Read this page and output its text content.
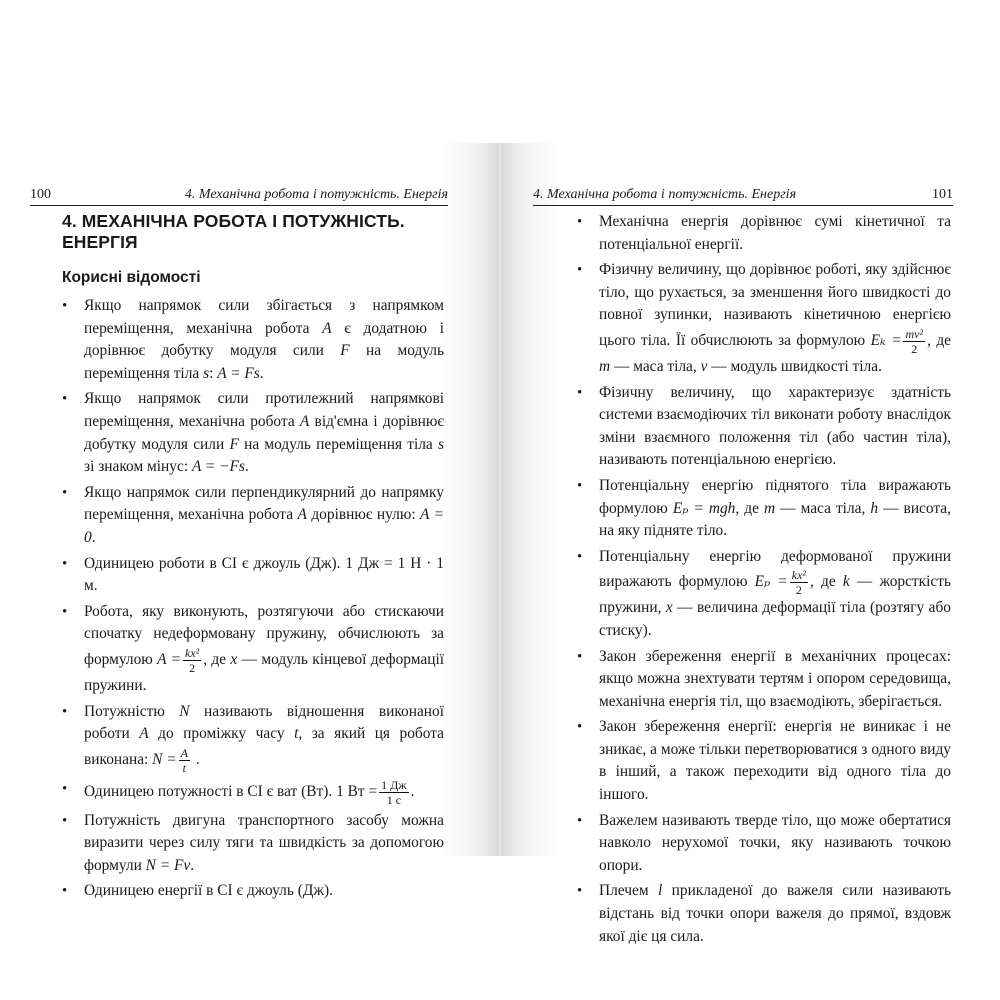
100	4. Механічна робота і потужність. Енергія
4. МЕХАНІЧНА РОБОТА І ПОТУЖНІСТЬ. ЕНЕРГІЯ
Корисні відомості
• Якщо напрямок сили збігається з напрямком переміщення, механічна робота A є додатною і дорівнює добутку модуля сили F на модуль переміщення тіла s: A = Fs.
• Якщо напрямок сили протилежний напрямкові переміщення, механічна робота A від'ємна і дорівнює добутку модуля сили F на модуль переміщення тіла s зі знаком мінус: A = −Fs.
• Якщо напрямок сили перпендикулярний до напрямку переміщення, механічна робота A дорівнює нулю: A = 0.
• Одиницею роботи в СІ є джоуль (Дж). 1 Дж = 1 Н · 1 м.
• Робота, яку виконують, розтягуючи або стискаючи спочатку недеформовану пружину, обчислюють за формулою $A = \frac{\text{kx²}}{2}$ , де x — модуль кінцевої деформації пружини.
• Потужністю N називають відношення виконаної роботи A до проміжку часу t, за який ця робота виконана: $N = \frac{A}{t}$ .
• Одиницею потужності в СІ є ват (Вт). 1 Вт = $\frac{1 Дж}{1 с}$ .
• Потужність двигуна транспортного засобу можна виразити через силу тяги та швидкість за допомогою формули N = Fv.
• Одиницею енергії в СІ є джоуль (Дж).
4. Механічна робота і потужність. Енергія	101
• Механічна енергія дорівнює сумі кінетичної та потенціальної енергії.
• Фізичну величину, що дорівнює роботі, яку здійснює тіло, що рухається, за зменшення його швидкості до повної зупинки, називають кінетичною енергією цього тіла. Її обчислюють за формулою $E_k = \frac{\text{mv²}}{2}$ , де m — маса тіла, v — модуль швидкості тіла.
• Фізичну величину, що характеризує здатність системи взаємодіючих тіл виконати роботу внаслідок зміни взаємного положення тіл (або частин тіла), називають потенціальною енергією.
• Потенціальну енергію піднятого тіла виражають формулою Eₚ = mgh, де m — маса тіла, h — висота, на яку підняте тіло.
• Потенціальну енергію деформованої пружини виражають формулою $E_p = \frac{\text{kx²}}{2}$ , де k — жорсткість пружини, x — величина деформації тіла (розтягу або стиску).
• Закон збереження енергії в механічних процесах: якщо можна знехтувати тертям і опором середовища, механічна енергія тіл, що взаємодіють, зберігається.
• Закон збереження енергії: енергія не виникає і не зникає, а може тільки перетворюватися з одного виду в інший, а також переходити від одного тіла до іншого.
• Важелем називають тверде тіло, що може обертатися навколо нерухомої точки, яку називають точкою опори.
• Плечем l прикладеної до важеля сили називають відстань від точки опори важеля до прямої, вздовж якої діє ця сила.
